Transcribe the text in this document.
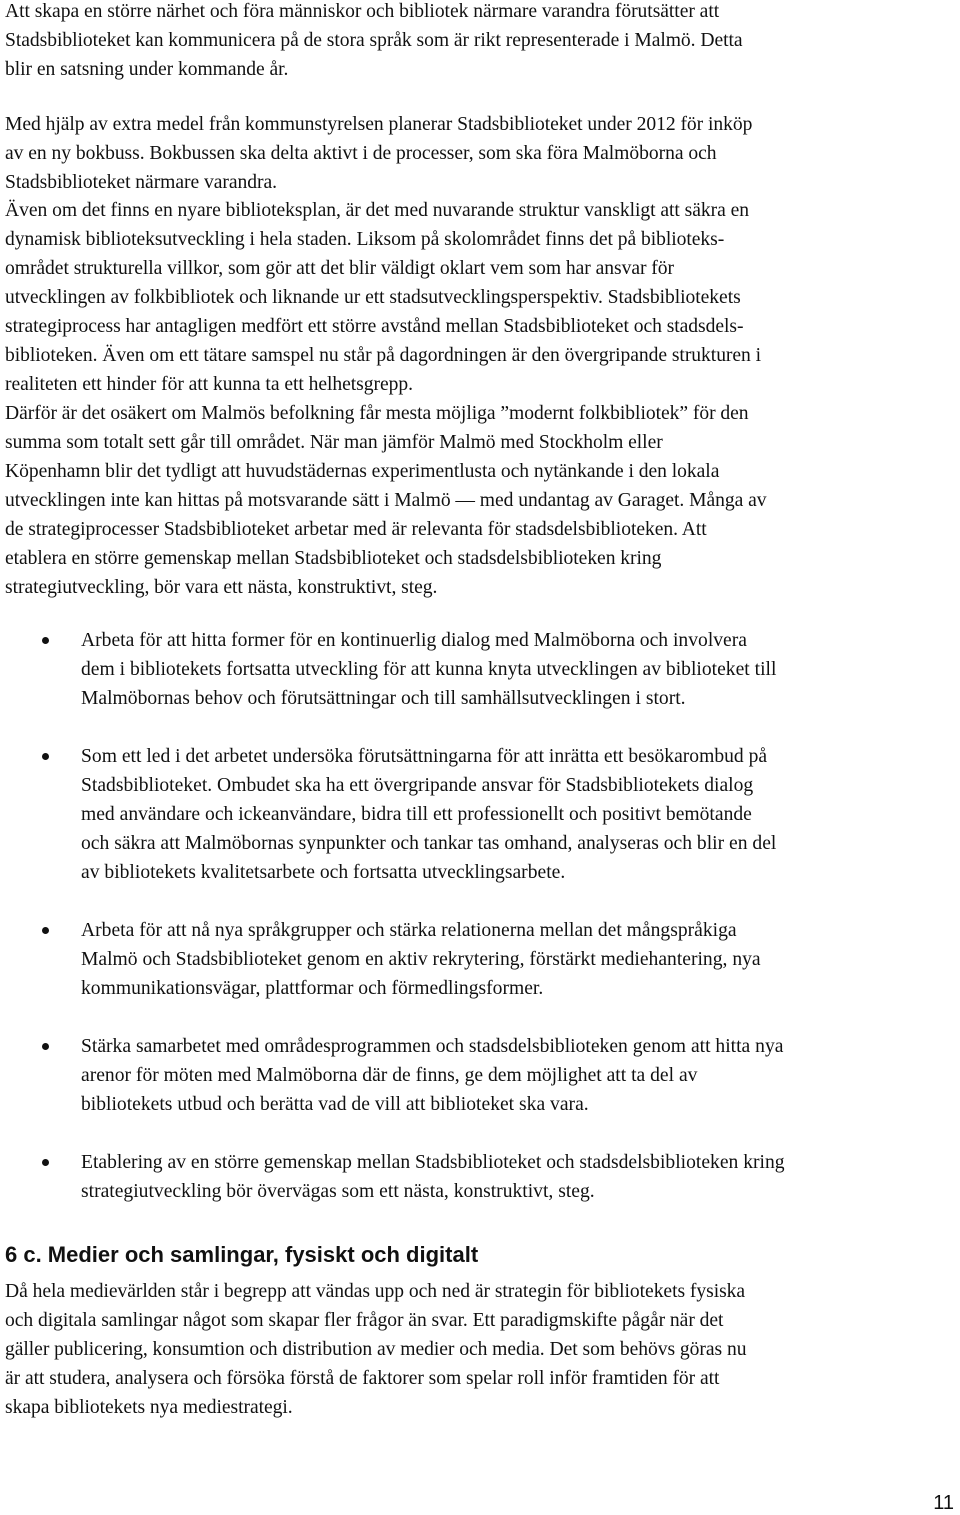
Att skapa en större närhet och föra människor och bibliotek närmare varandra förutsätter att
Stadsbiblioteket kan kommunicera på de stora språk som är rikt representerade i Malmö. Detta
blir en satsning under kommande år.

Med hjälp av extra medel från kommunstyrelsen planerar Stadsbiblioteket under 2012 för inköp
av en ny bokbuss. Bokbussen ska delta aktivt i de processer, som ska föra Malmöborna och
Stadsbiblioteket närmare varandra.

Även om det finns en nyare biblioteksplan, är det med nuvarande struktur vanskligt att säkra en
dynamisk biblioteksutveckling i hela staden. Liksom på skolområdet finns det på biblioteks-
området strukturella villkor, som gör att det blir väldigt oklart vem som har ansvar för
utvecklingen av folkbibliotek och liknande ur ett stadsutvecklingsperspektiv. Stadsbibliotekets
strategiprocess har antagligen medfört ett större avstånd mellan Stadsbiblioteket och stadsdels-
biblioteken. Även om ett tätare samspel nu står på dagordningen är den övergripande strukturen i
realiteten ett hinder för att kunna ta ett helhetsgrepp.
Därför är det osäkert om Malmös befolkning får mesta möjliga ”modernt folkbibliotek” för den
summa som totalt sett går till området. När man jämför Malmö med Stockholm eller
Köpenhamn blir det tydligt att huvudstädernas experimentlusta och nytänkande i den lokala
utvecklingen inte kan hittas på motsvarande sätt i Malmö — med undantag av Garaget. Många av
de strategiprocesser Stadsbiblioteket arbetar med är relevanta för stadsdelsbiblioteken. Att
etablera en större gemenskap mellan Stadsbiblioteket och stadsdelsbiblioteken kring
strategiutveckling, bör vara ett nästa, konstruktivt, steg.

Arbeta för att hitta former för en kontinuerlig dialog med Malmöborna och involvera
dem i bibliotekets fortsatta utveckling för att kunna knyta utvecklingen av biblioteket till
Malmöbornas behov och förutsättningar och till samhällsutvecklingen i stort.
Som ett led i det arbetet undersöka förutsättningarna för att inrätta ett besökarombud på
Stadsbiblioteket. Ombudet ska ha ett övergripande ansvar för Stadsbibliotekets dialog
med användare och ickeanvändare, bidra till ett professionellt och positivt bemötande
och säkra att Malmöbornas synpunkter och tankar tas omhand, analyseras och blir en del
av bibliotekets kvalitetsarbete och fortsatta utvecklingsarbete.
Arbeta för att nå nya språkgrupper och stärka relationerna mellan det mångspråkiga
Malmö och Stadsbiblioteket genom en aktiv rekrytering, förstärkt mediehantering, nya
kommunikationsvägar, plattformar och förmedlingsformer.
Stärka samarbetet med områdesprogrammen och stadsdelsbiblioteken genom att hitta nya
arenor för möten med Malmöborna där de finns, ge dem möjlighet att ta del av
bibliotekets utbud och berätta vad de vill att biblioteket ska vara.
Etablering av en större gemenskap mellan Stadsbiblioteket och stadsdelsbiblioteken kring
strategiutveckling bör övervägas som ett nästa, konstruktivt, steg.
6 c. Medier och samlingar, fysiskt och digitalt

Då hela medievärlden står i begrepp att vändas upp och ned är strategin för bibliotekets fysiska
och digitala samlingar något som skapar fler frågor än svar. Ett paradigmskifte pågår när det
gäller publicering, konsumtion och distribution av medier och media. Det som behövs göras nu
är att studera, analysera och försöka förstå de faktorer som spelar roll inför framtiden för att
skapa bibliotekets nya mediestrategi.

11
